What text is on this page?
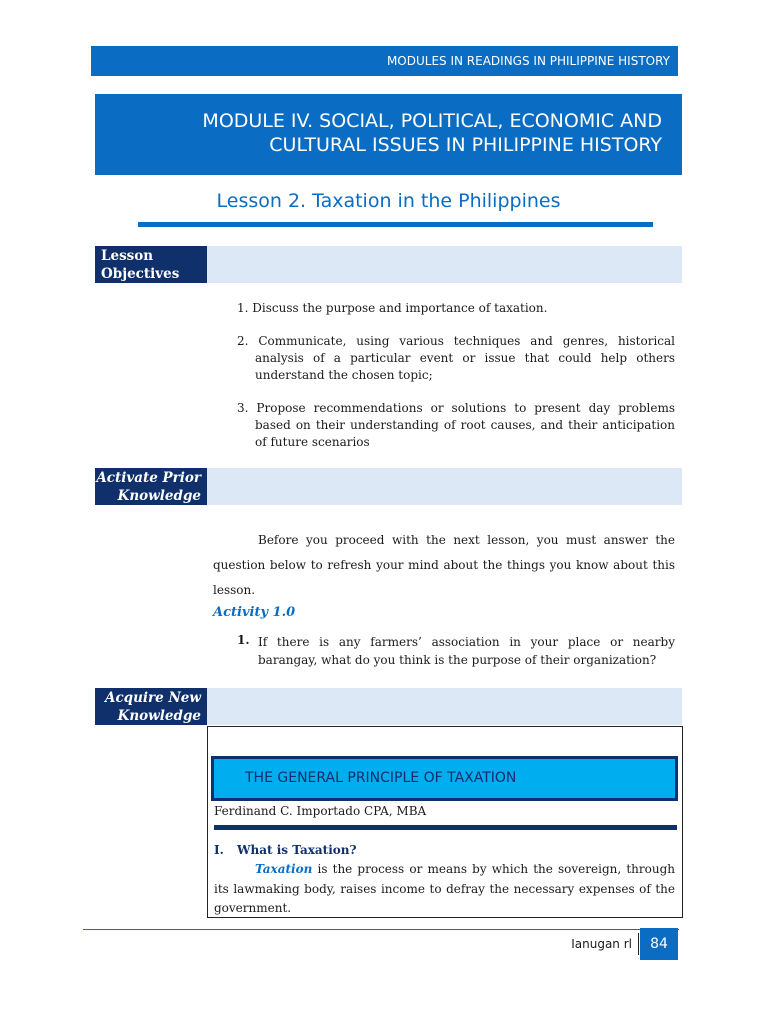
MODULES IN READINGS IN PHILIPPINE HISTORY
MODULE IV. SOCIAL, POLITICAL, ECONOMIC AND
CULTURAL ISSUES IN PHILIPPINE HISTORY
Lesson 2. Taxation in the Philippines
Lesson
Objectives
1. Discuss the purpose and importance of taxation.
2. Communicate, using various techniques and genres, historical analysis of a particular event or issue that could help others understand the chosen topic;
3. Propose recommendations or solutions to present day problems based on their understanding of root causes, and their anticipation of future scenarios
Activate Prior
Knowledge
Before you proceed with the next lesson, you must answer the question below to refresh your mind about the things you know about this lesson.
Activity 1.0
1. If there is any farmers’ association in your place or nearby barangay, what do you think is the purpose of their organization?
Acquire New
Knowledge
THE GENERAL PRINCIPLE OF TAXATION
Ferdinand C. Importado CPA, MBA
I. What is Taxation?
Taxation is the process or means by which the sovereign, through its lawmaking body, raises income to defray the necessary expenses of the government.
Ianugan rl	84
